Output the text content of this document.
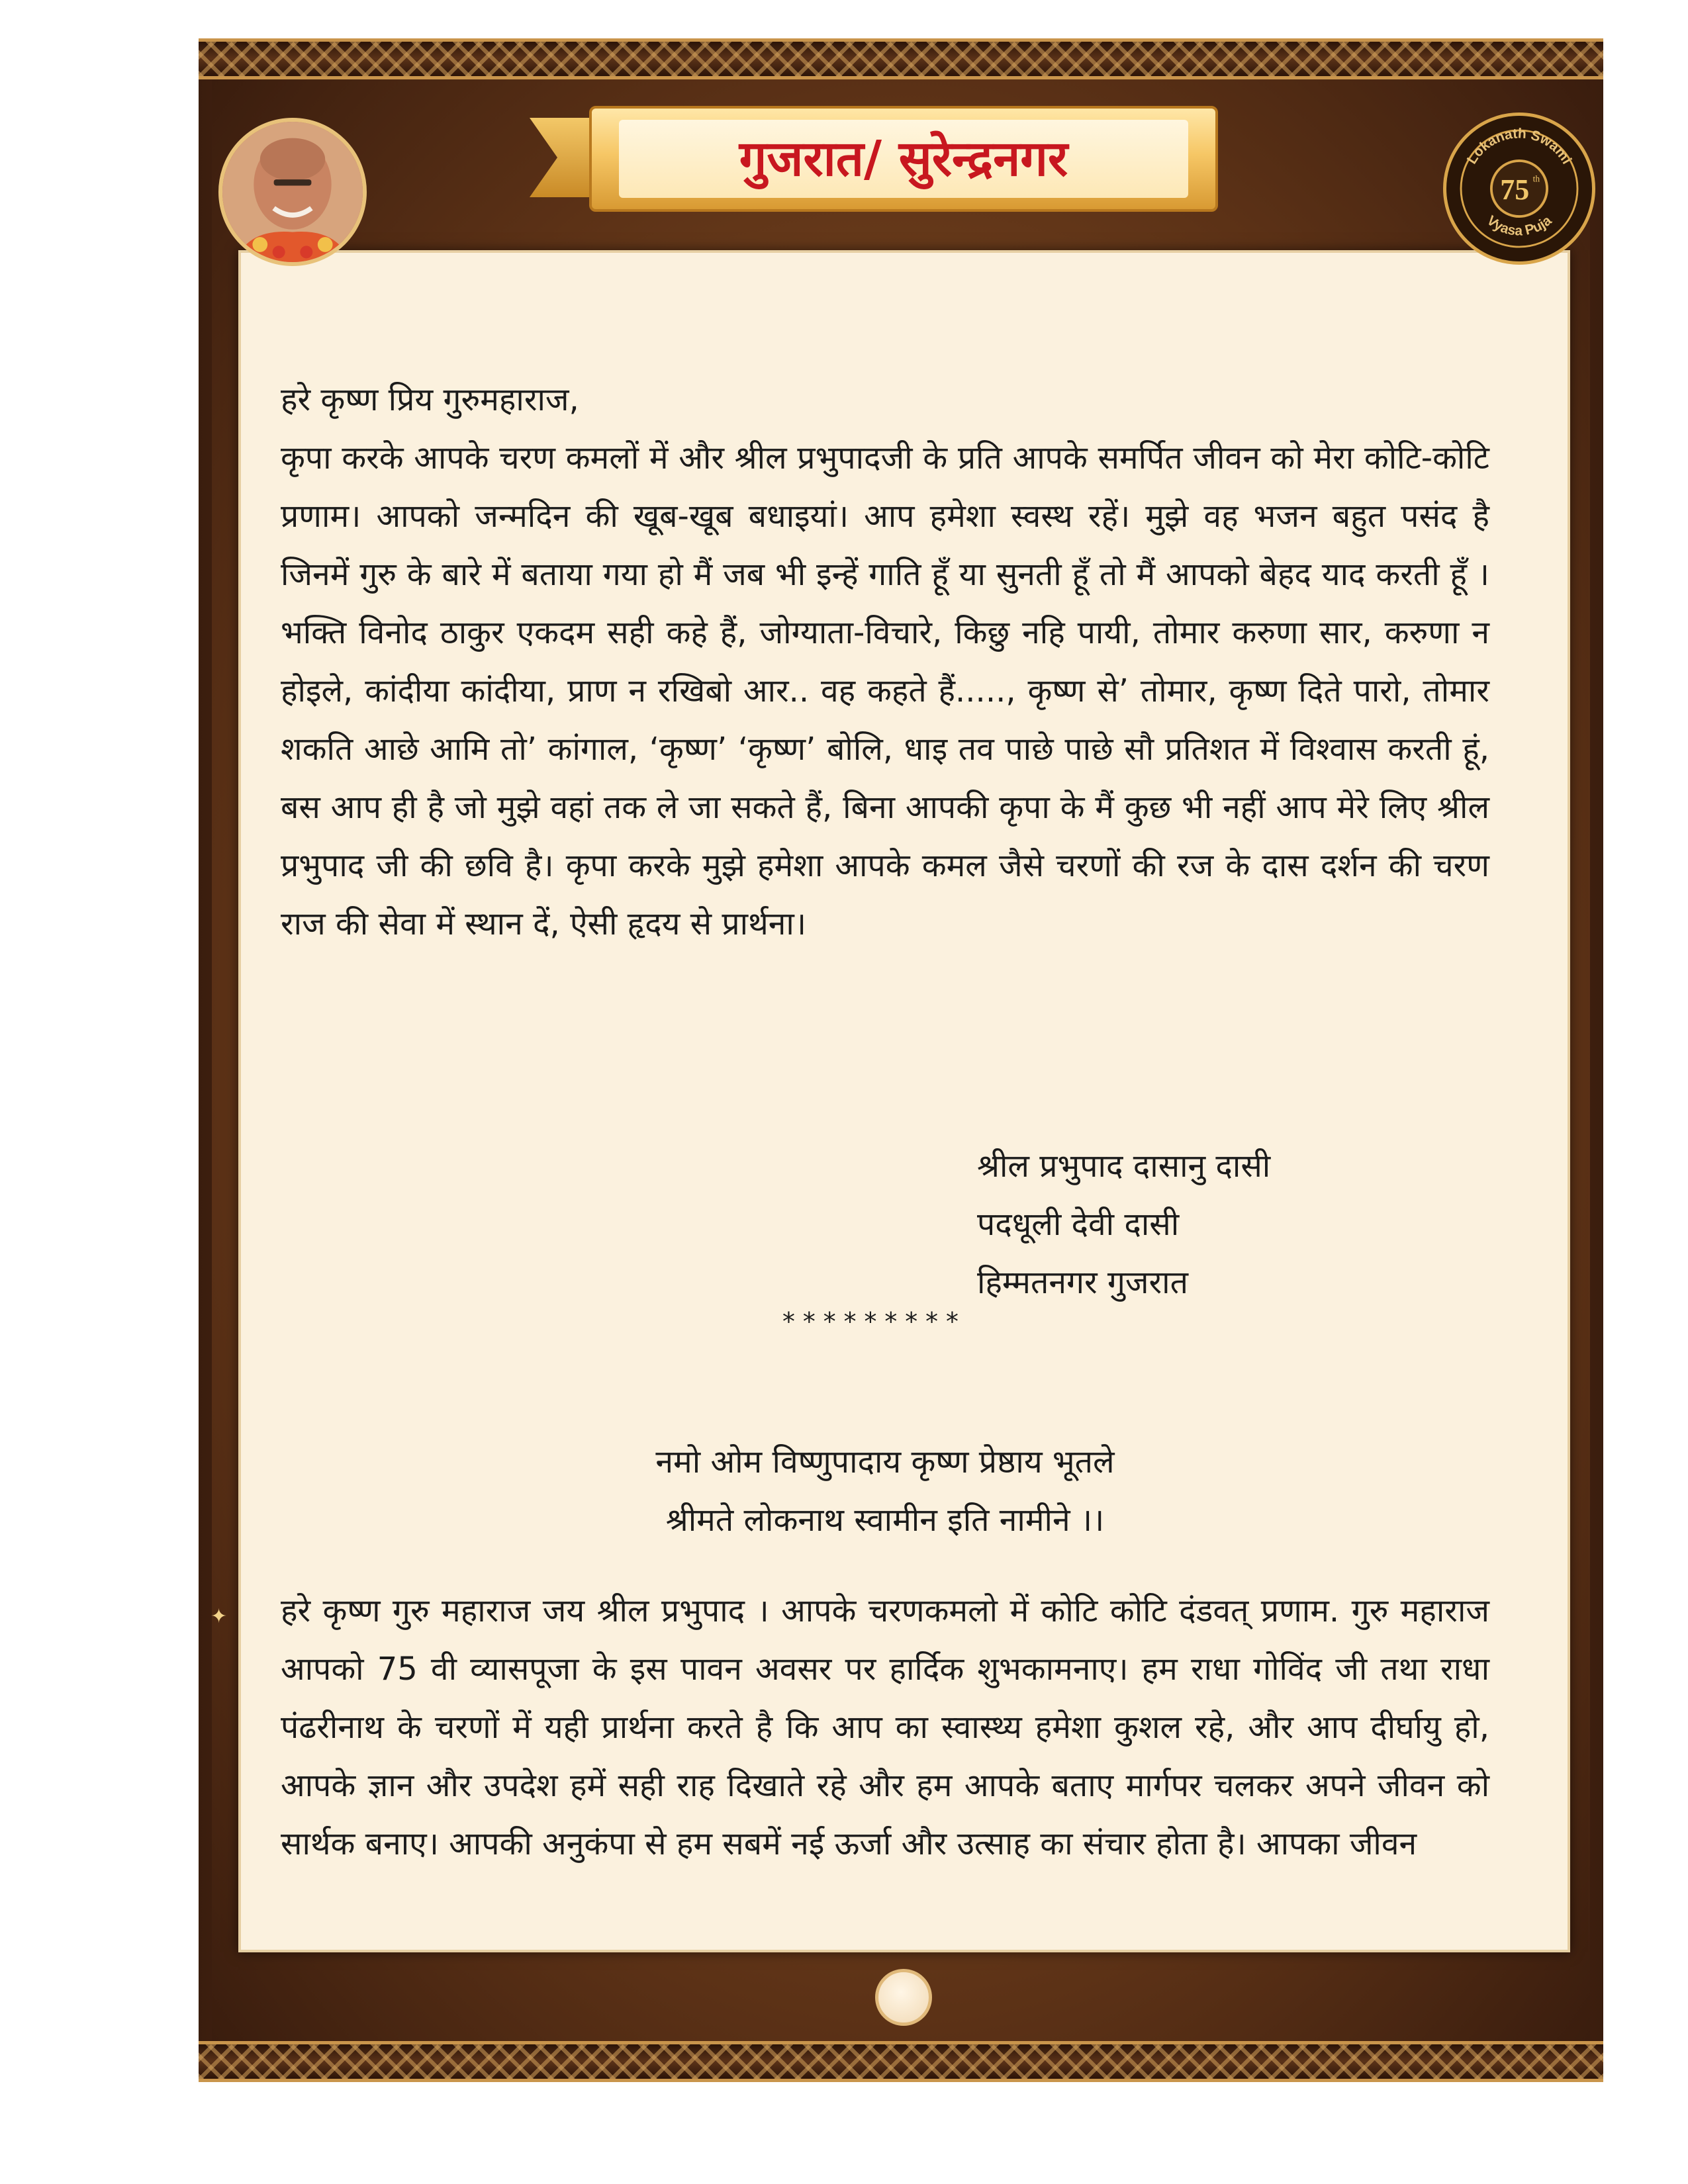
गुजरात/ सुरेन्द्रनगर	Lokanath Swami
Vyasa Puja
75 th
हरे कृष्ण प्रिय गुरुमहाराज,
कृपा करके आपके चरण कमलों में और श्रील प्रभुपादजी के प्रति आपके समर्पित जीवन को मेरा कोटि-कोटि प्रणाम। आपको जन्मदिन की खूब-खूब बधाइयां। आप हमेशा स्वस्थ रहें। मुझे वह भजन बहुत पसंद है जिनमें गुरु के बारे में बताया गया हो मैं जब भी इन्हें गाति हूँ या सुनती हूँ तो मैं आपको बेहद याद करती हूँ । भक्ति विनोद ठाकुर एकदम सही कहे हैं, जोग्याता-विचारे, किछु नहि पायी, तोमार करुणा सार, करुणा न होइले, कांदीया कांदीया, प्राण न रखिबो आर.. वह कहते हैं....., कृष्ण से’ तोमार, कृष्ण दिते पारो, तोमार शकति आछे आमि तो’ कांगाल, ‘कृष्ण’ ‘कृष्ण’ बोलि, धाइ तव पाछे पाछे सौ प्रतिशत में विश्वास करती हूं, बस आप ही है जो मुझे वहां तक ले जा सकते हैं, बिना आपकी कृपा के मैं कुछ भी नहीं आप मेरे लिए श्रील प्रभुपाद जी की छवि है। कृपा करके मुझे हमेशा आपके कमल जैसे चरणों की रज के दास दर्शन की चरण राज की सेवा में स्थान दें, ऐसी हृदय से प्रार्थना।
श्रील प्रभुपाद दासानु दासी
पदधूली देवी दासी
हिम्मतनगर गुजरात
*********
नमो ओम विष्णुपादाय कृष्ण प्रेष्ठाय भूतले
श्रीमते लोकनाथ स्वामीन इति नामीने ।।
हरे कृष्ण गुरु महाराज जय श्रील प्रभुपाद । आपके चरणकमलो में कोटि कोटि दंडवत् प्रणाम. गुरु महाराज आपको 75 वी व्यासपूजा के इस पावन अवसर पर हार्दिक शुभकामनाए। हम राधा गोविंद जी तथा राधा पंढरीनाथ के चरणों में यही प्रार्थना करते है कि आप का स्वास्थ्य हमेशा कुशल रहे, और आप दीर्घायु हो, आपके ज्ञान और उपदेश हमें सही राह दिखाते रहे और हम आपके बताए मार्गपर चलकर अपने जीवन को सार्थक बनाए। आपकी अनुकंपा से हम सबमें नई ऊर्जा और उत्साह का संचार होता है। आपका जीवन
✦
